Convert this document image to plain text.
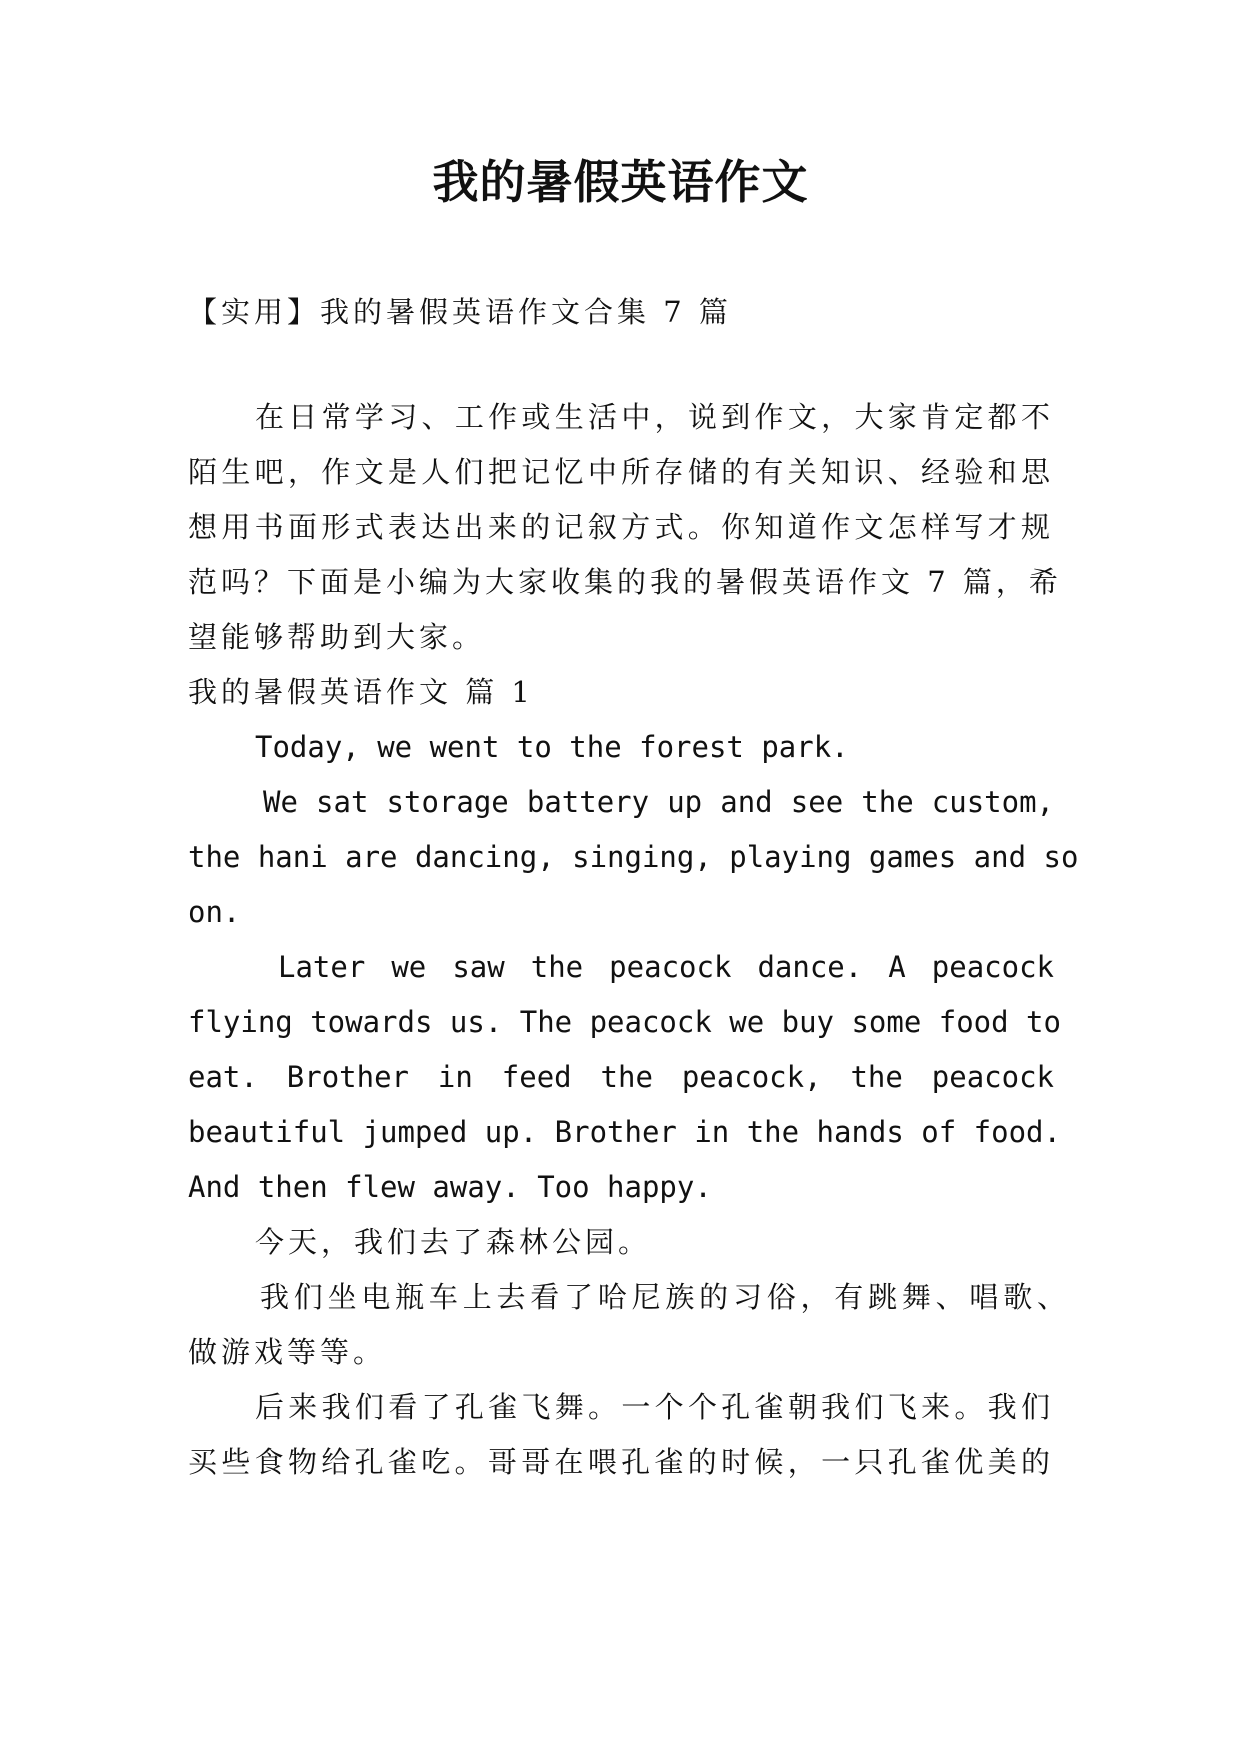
我的暑假英语作文
【实用】我的暑假英语作文合集 7 篇
在日常学习、工作或生活中，说到作文，大家肯定都不
陌生吧，作文是人们把记忆中所存储的有关知识、经验和思
想用书面形式表达出来的记叙方式。你知道作文怎样写才规
范吗？下面是小编为大家收集的我的暑假英语作文 7 篇，希
望能够帮助到大家。
我的暑假英语作文 篇 1
Today, we went to the forest park.
We sat storage battery up and see the custom,
the hani are dancing, singing, playing games and so
on.
Later we saw the peacock dance. A peacock
flying towards us. The peacock we buy some food to
eat. Brother in feed the peacock, the peacock
beautiful jumped up. Brother in the hands of food.
And then flew away. Too happy.
今天，我们去了森林公园。
我们坐电瓶车上去看了哈尼族的习俗，有跳舞、唱歌、
做游戏等等。
后来我们看了孔雀飞舞。一个个孔雀朝我们飞来。我们
买些食物给孔雀吃。哥哥在喂孔雀的时候，一只孔雀优美的
